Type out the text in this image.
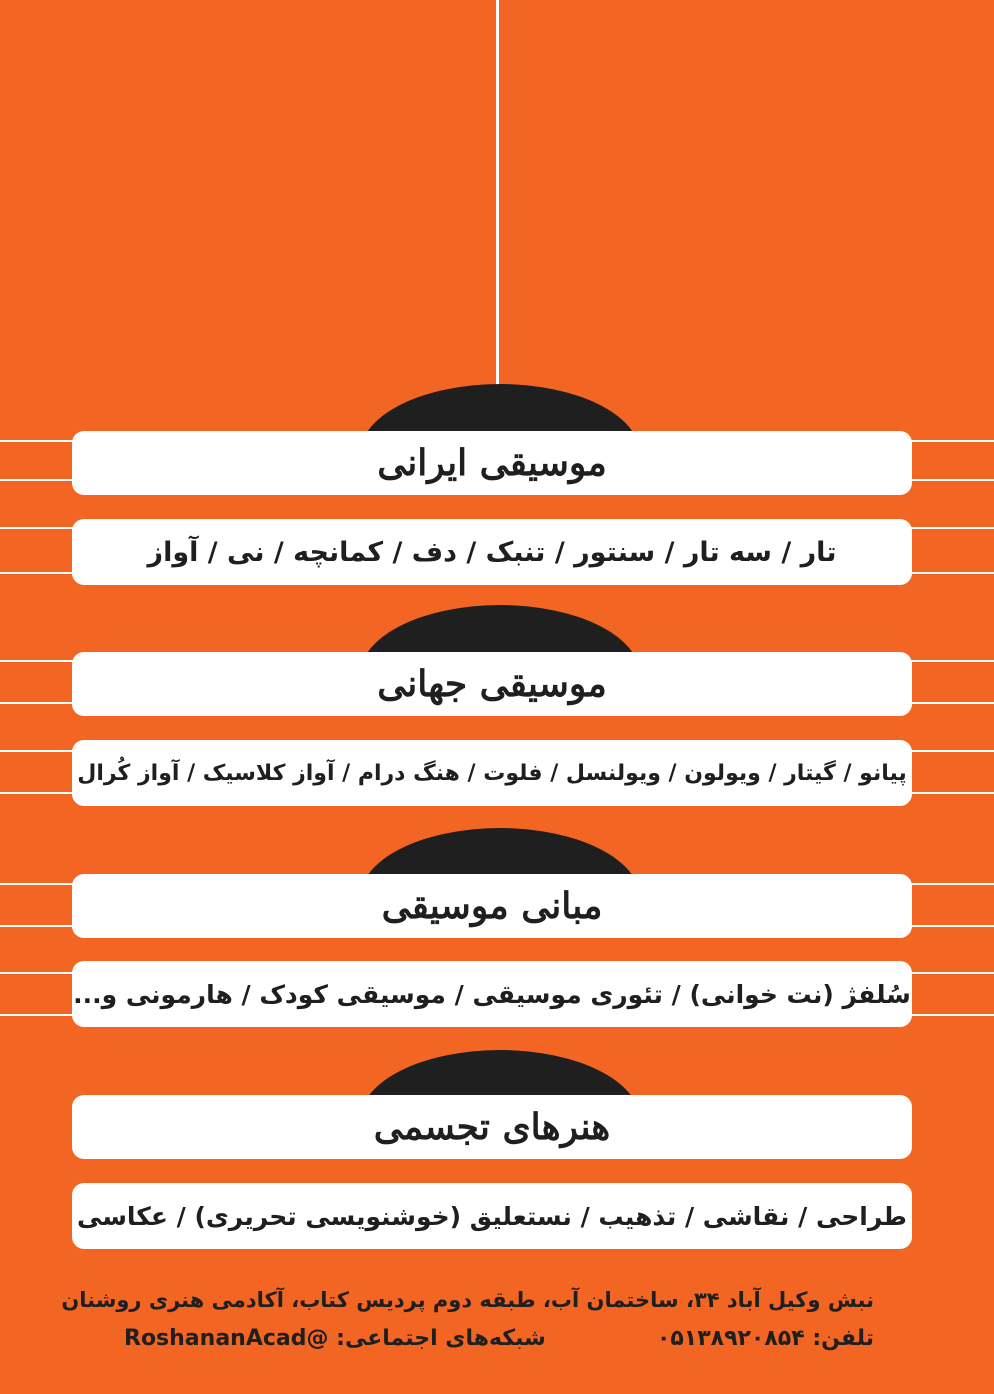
موسیقی ایرانی
تار / سه تار / سنتور / تنبک / دف / کمانچه / نی / آواز
موسیقی جهانی
پیانو / گیتار / ویولون / ویولنسل / فلوت / هنگ درام / آواز کلاسیک / آواز کُرال
مبانی موسیقی
سُلفژ (نت خوانی) / تئوری موسیقی / موسیقی کودک / هارمونی و...
هنرهای تجسمی
طراحی / نقاشی / تذهیب / نستعلیق (خوشنویسی تحریری) / عکاسی
نبش وکیل آباد ۳۴، ساختمان آب، طبقه دوم پردیس کتاب، آکادمی هنری روشنان
تلفن: ۰۵۱۳۸۹۲۰۸۵۴
شبکه‌های اجتماعی: @RoshananAcad
